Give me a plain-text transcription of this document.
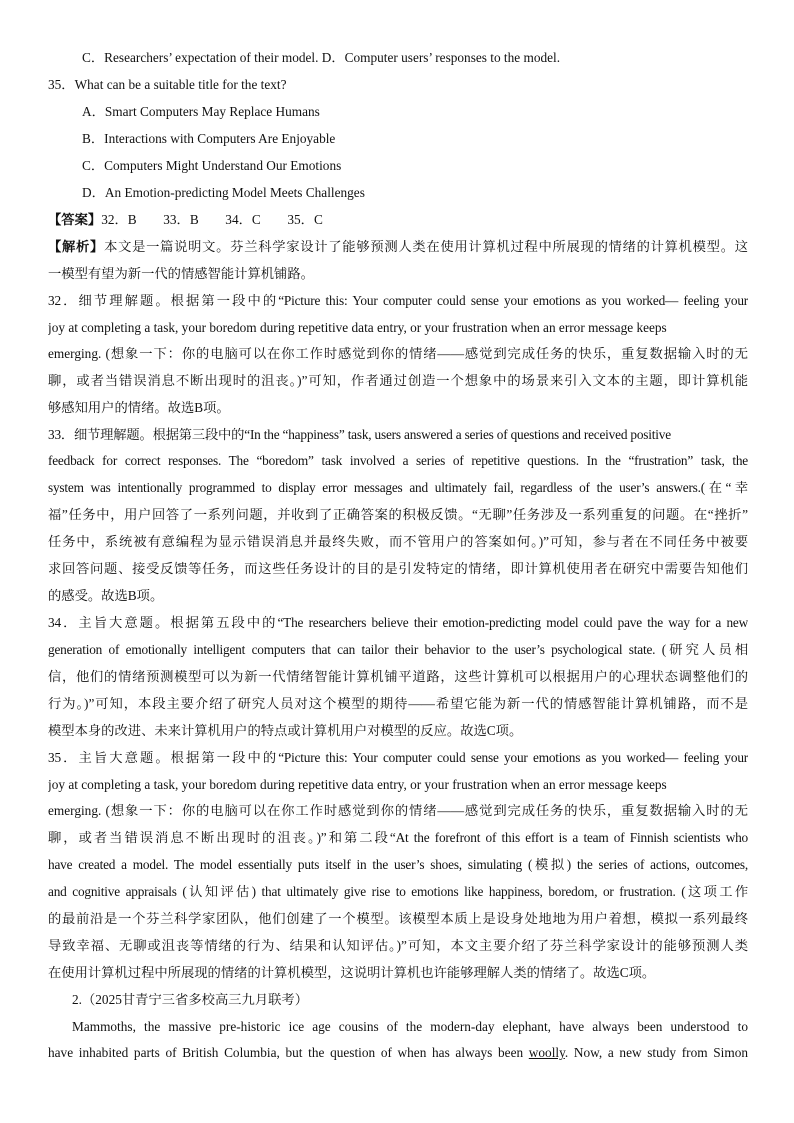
C．Researchers’ expectation of their model. D．Computer users’ responses to the model.
35．What can be a suitable title for the text?
A．Smart Computers May Replace Humans
B．Interactions with Computers Are Enjoyable
C．Computers Might Understand Our Emotions
D．An Emotion-predicting Model Meets Challenges
【答案】32．B　　33．B　　34．C　　35．C
【解析】本文是一篇说明文。芬兰科学家设计了能够预测人类在使用计算机过程中所展现的情绪的计算机模型。这
一模型有望为新一代的情感智能计算机铺路。
32．细节理解题。根据第一段中的“Picture this: Your computer could sense your emotions as you worked— feeling your
joy at completing a task, your boredom during repetitive data entry, or your frustration when an error message keeps
emerging. (想象一下：你的电脑可以在你工作时感觉到你的情绪——感觉到完成任务的快乐，重复数据输入时的无
聊，或者当错误消息不断出现时的沮丧。)”可知，作者通过创造一个想象中的场景来引入文本的主题，即计算机能
够感知用户的情绪。故选B项。
33．细节理解题。根据第三段中的“In the “happiness” task, users answered a series of questions and received positive
feedback for correct responses. The “boredom” task involved a series of repetitive questions. In the “frustration” task, the
system was intentionally programmed to display error messages and ultimately fail, regardless of the user’s answers.(在“幸
福”任务中，用户回答了一系列问题，并收到了正确答案的积极反馈。“无聊”任务涉及一系列重复的问题。在“挫折”
任务中，系统被有意编程为显示错误消息并最终失败，而不管用户的答案如何。)”可知，参与者在不同任务中被要
求回答问题、接受反馈等任务，而这些任务设计的目的是引发特定的情绪，即计算机使用者在研究中需要告知他们
的感受。故选B项。
34．主旨大意题。根据第五段中的“The researchers believe their emotion-predicting model could pave the way for a new
generation of emotionally intelligent computers that can tailor their behavior to the user’s psychological state. (研究人员相
信，他们的情绪预测模型可以为新一代情绪智能计算机铺平道路，这些计算机可以根据用户的心理状态调整他们的
行为。)”可知，本段主要介绍了研究人员对这个模型的期待——希望它能为新一代的情感智能计算机铺路，而不是
模型本身的改进、未来计算机用户的特点或计算机用户对模型的反应。故选C项。
35．主旨大意题。根据第一段中的“Picture this: Your computer could sense your emotions as you worked— feeling your
joy at completing a task, your boredom during repetitive data entry, or your frustration when an error message keeps
emerging. (想象一下：你的电脑可以在你工作时感觉到你的情绪——感觉到完成任务的快乐，重复数据输入时的无
聊，或者当错误消息不断出现时的沮丧。)”和第二段“At the forefront of this effort is a team of Finnish scientists who
have created a model. The model essentially puts itself in the user’s shoes, simulating (模拟) the series of actions, outcomes,
and cognitive appraisals (认知评估) that ultimately give rise to emotions like happiness, boredom, or frustration. (这项工作
的最前沿是一个芬兰科学家团队，他们创建了一个模型。该模型本质上是设身处地地为用户着想，模拟一系列最终
导致幸福、无聊或沮丧等情绪的行为、结果和认知评估。)”可知，本文主要介绍了芬兰科学家设计的能够预测人类
在使用计算机过程中所展现的情绪的计算机模型，这说明计算机也许能够理解人类的情绪了。故选C项。
2.（2025甘青宁三省多校高三九月联考）
Mammoths, the massive pre-historic ice age cousins of the modern-day elephant, have always been understood to
have inhabited parts of British Columbia, but the question of when has always been woolly. Now, a new study from Simon
